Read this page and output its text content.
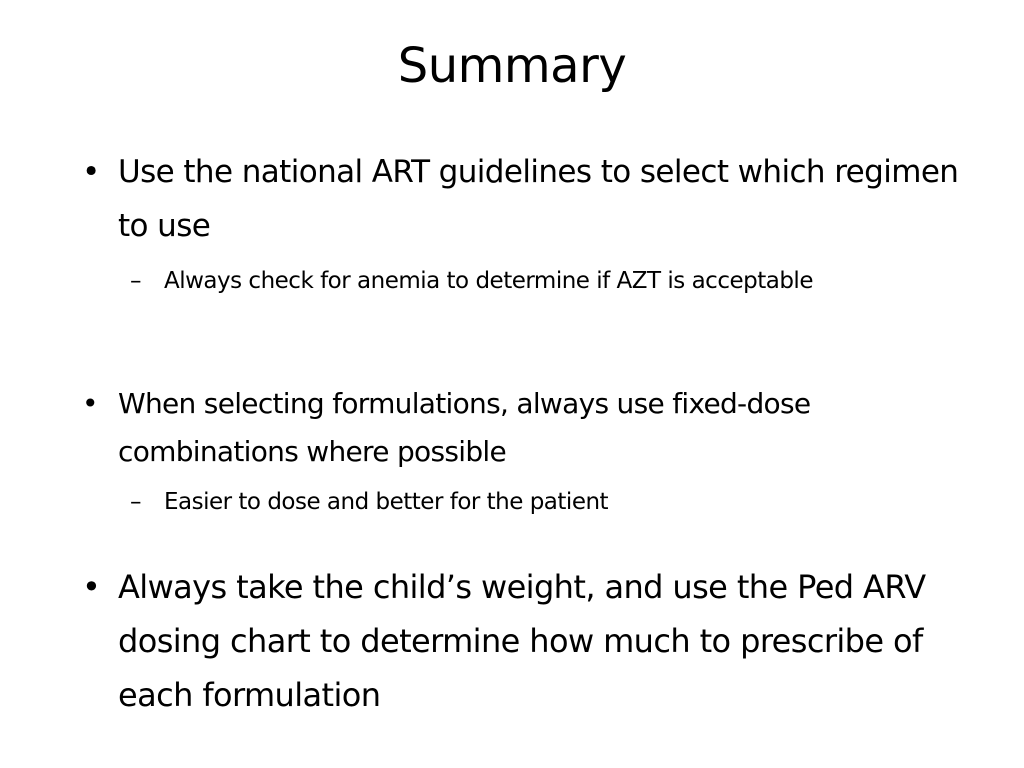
Summary
• Use the national ART guidelines to select which regimen to use
– Always check for anemia to determine if AZT is acceptable
• When selecting formulations, always use fixed-dose combinations where possible
– Easier to dose and better for the patient
• Always take the child’s weight, and use the Ped ARV dosing chart to determine how much to prescribe of each formulation
